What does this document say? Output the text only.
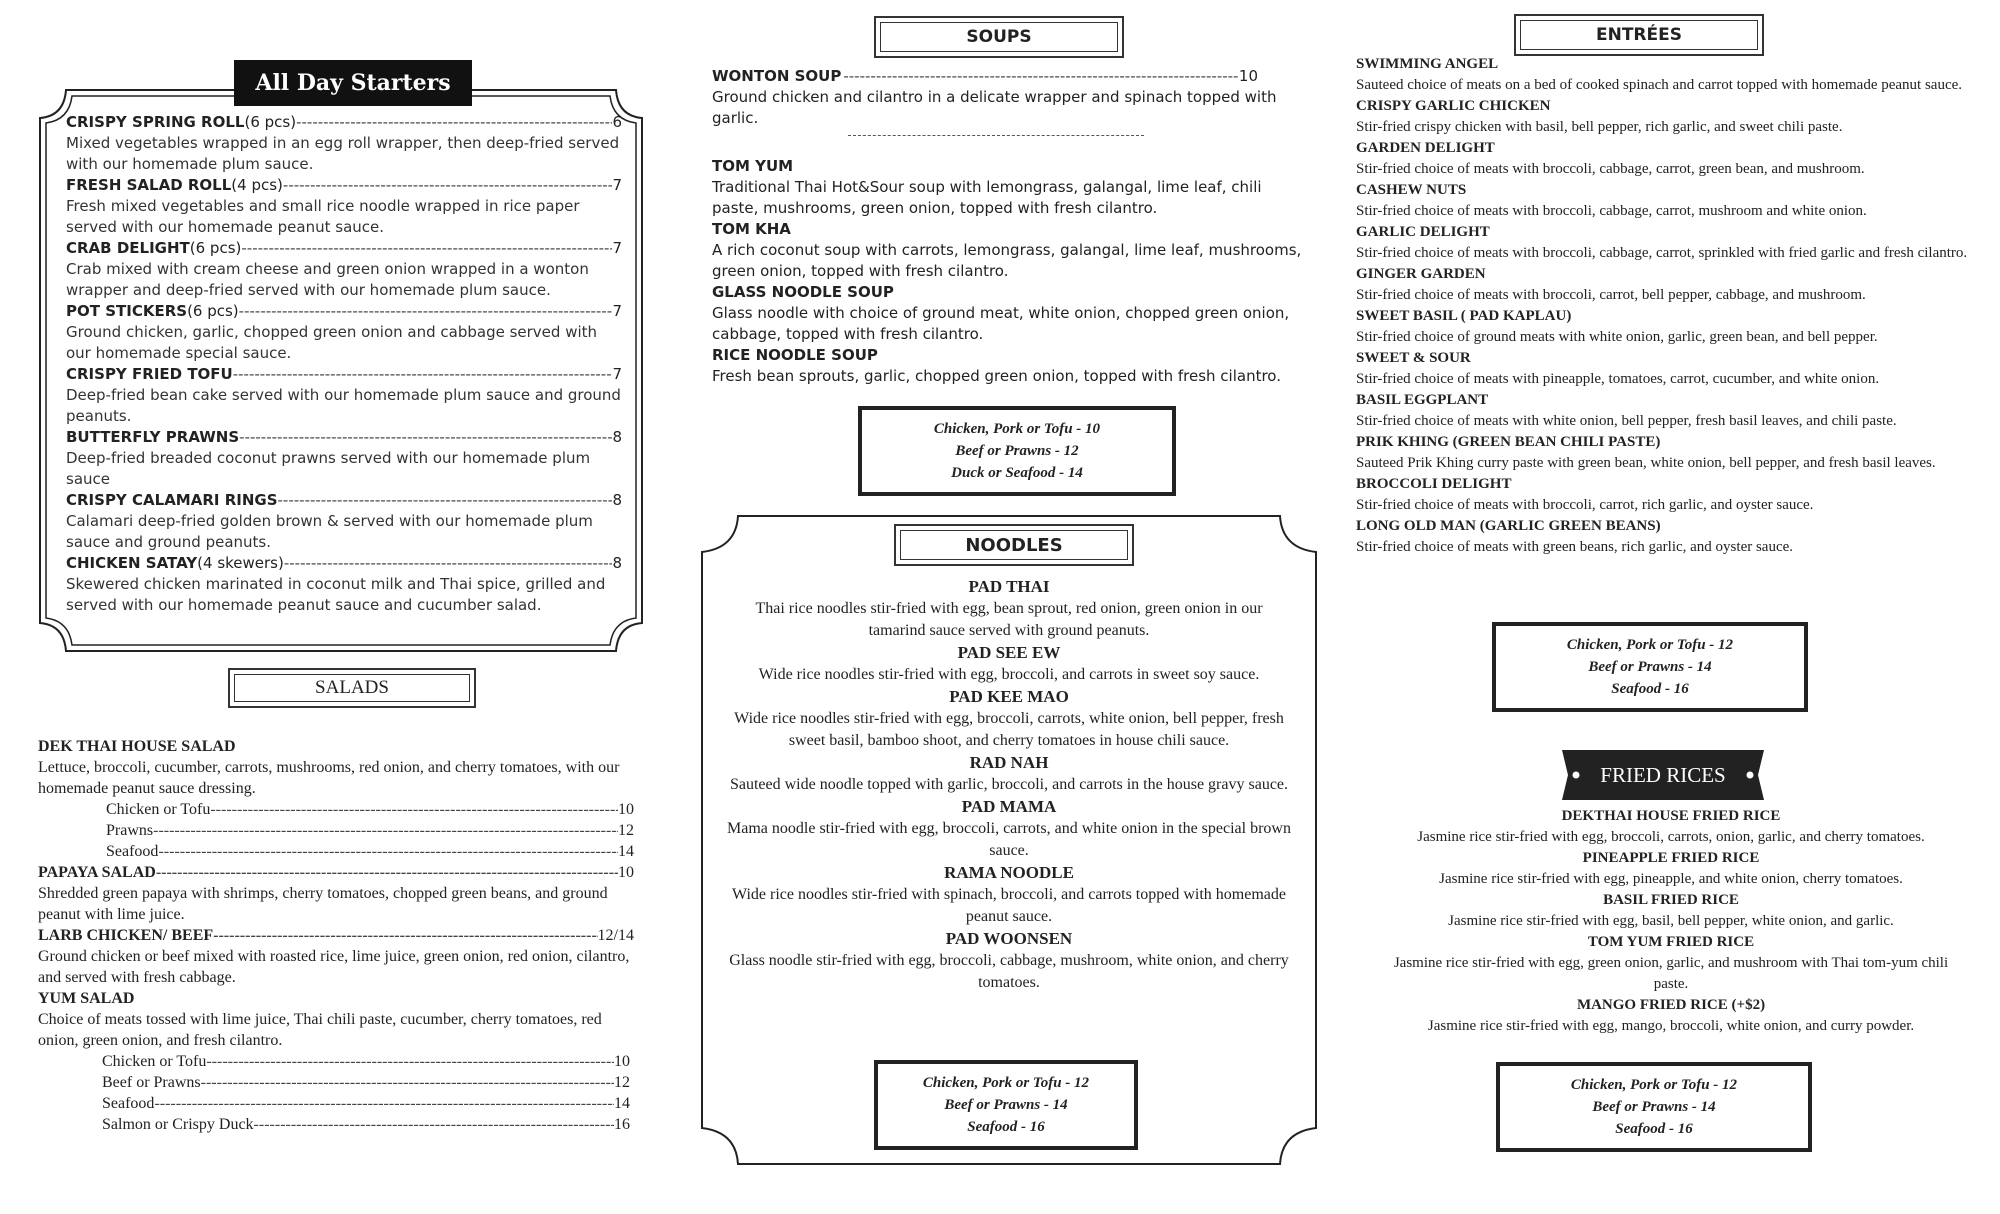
All Day Starters
CRISPY SPRING ROLL (6 pcs) -----	6
Mixed vegetables wrapped in an egg roll wrapper, then deep-fried served with our homemade plum sauce.
FRESH SALAD ROLL (4 pcs) -----	7
Fresh mixed vegetables and small rice noodle wrapped in rice paper served with our homemade peanut sauce.
CRAB DELIGHT (6 pcs) -----	7
Crab mixed with cream cheese and green onion wrapped in a wonton wrapper and deep-fried served with our homemade plum sauce.
POT STICKERS (6 pcs) -----	7
Ground chicken, garlic, chopped green onion and cabbage served with our homemade special sauce.
CRISPY FRIED TOFU -----	7
Deep-fried bean cake served with our homemade plum sauce and ground peanuts.
BUTTERFLY PRAWNS -----	8
Deep-fried breaded coconut prawns served with our homemade plum sauce
CRISPY CALAMARI RINGS -----	8
Calamari deep-fried golden brown & served with our homemade plum sauce and ground peanuts.
CHICKEN SATAY (4 skewers) -----	8
Skewered chicken marinated in coconut milk and Thai spice, grilled and served with our homemade peanut sauce and cucumber salad.
SALADS
DEK THAI HOUSE SALAD
Lettuce, broccoli, cucumber, carrots, mushrooms, red onion, and cherry tomatoes, with our homemade peanut sauce dressing.
Chicken or Tofu -----	10
Prawns -----	12
Seafood -----	14
PAPAYA SALAD -----	10
Shredded green papaya with shrimps, cherry tomatoes, chopped green beans, and ground peanut with lime juice.
LARB CHICKEN/ BEEF -----	12/14
Ground chicken or beef mixed with roasted rice, lime juice, green onion, red onion, cilantro, and served with fresh cabbage.
YUM SALAD
Choice of meats tossed with lime juice, Thai chili paste, cucumber, cherry tomatoes, red onion, green onion, and fresh cilantro.
Chicken or Tofu -----	10
Beef or Prawns -----	12
Seafood -----	14
Salmon or Crispy Duck -----	16
SOUPS
WONTON SOUP -----	10
Ground chicken and cilantro in a delicate wrapper and spinach topped with garlic.
TOM YUM
Traditional Thai Hot&Sour soup with lemongrass, galangal, lime leaf, chili paste, mushrooms, green onion, topped with fresh cilantro.
TOM KHA
A rich coconut soup with carrots, lemongrass, galangal, lime leaf, mushrooms, green onion, topped with fresh cilantro.
GLASS NOODLE SOUP
Glass noodle with choice of ground meat, white onion, chopped green onion, cabbage, topped with fresh cilantro.
RICE NOODLE SOUP
Fresh bean sprouts, garlic, chopped green onion, topped with fresh cilantro.
Chicken, Pork or Tofu - 10
Beef or Prawns - 12
Duck or Seafood - 14
NOODLES
PAD THAI
Thai rice noodles stir-fried with egg, bean sprout, red onion, green onion in our tamarind sauce served with ground peanuts.
PAD SEE EW
Wide rice noodles stir-fried with egg, broccoli, and carrots in sweet soy sauce.
PAD KEE MAO
Wide rice noodles stir-fried with egg, broccoli, carrots, white onion, bell pepper, fresh sweet basil, bamboo shoot, and cherry tomatoes in house chili sauce.
RAD NAH
Sauteed wide noodle topped with garlic, broccoli, and carrots in the house gravy sauce.
PAD MAMA
Mama noodle stir-fried with egg, broccoli, carrots, and white onion in the special brown sauce.
RAMA NOODLE
Wide rice noodles stir-fried with spinach, broccoli, and carrots topped with homemade peanut sauce.
PAD WOONSEN
Glass noodle stir-fried with egg, broccoli, cabbage, mushroom, white onion, and cherry tomatoes.
Chicken, Pork or Tofu - 12
Beef or Prawns - 14
Seafood - 16
ENTRÉES
SWIMMING ANGEL
Sauteed choice of meats on a bed of cooked spinach and carrot topped with homemade peanut sauce.
CRISPY GARLIC CHICKEN
Stir-fried crispy chicken with basil, bell pepper, rich garlic, and sweet chili paste.
GARDEN DELIGHT
Stir-fried choice of meats with broccoli, cabbage, carrot, green bean, and mushroom.
CASHEW NUTS
Stir-fried choice of meats with broccoli, cabbage, carrot, mushroom and white onion.
GARLIC DELIGHT
Stir-fried choice of meats with broccoli, cabbage, carrot, sprinkled with fried garlic and fresh cilantro.
GINGER GARDEN
Stir-fried choice of meats with broccoli, carrot, bell pepper, cabbage, and mushroom.
SWEET BASIL ( PAD KAPLAU)
Stir-fried choice of ground meats with white onion, garlic, green bean, and bell pepper.
SWEET & SOUR
Stir-fried choice of meats with pineapple, tomatoes, carrot, cucumber, and white onion.
BASIL EGGPLANT
Stir-fried choice of meats with white onion, bell pepper, fresh basil leaves, and chili paste.
PRIK KHING (GREEN BEAN CHILI PASTE)
Sauteed Prik Khing curry paste with green bean, white onion, bell pepper, and fresh basil leaves.
BROCCOLI DELIGHT
Stir-fried choice of meats with broccoli, carrot, rich garlic, and oyster sauce.
LONG OLD MAN (GARLIC GREEN BEANS)
Stir-fried choice of meats with green beans, rich garlic, and oyster sauce.
Chicken, Pork or Tofu - 12
Beef or Prawns - 14
Seafood - 16
FRIED RICES
DEKTHAI HOUSE FRIED RICE
Jasmine rice stir-fried with egg, broccoli, carrots, onion, garlic, and cherry tomatoes.
PINEAPPLE FRIED RICE
Jasmine rice stir-fried with egg, pineapple, and white onion, cherry tomatoes.
BASIL FRIED RICE
Jasmine rice stir-fried with egg, basil, bell pepper, white onion, and garlic.
TOM YUM FRIED RICE
Jasmine rice stir-fried with egg, green onion, garlic, and mushroom with Thai tom-yum chili paste.
MANGO FRIED RICE (+$2)
Jasmine rice stir-fried with egg, mango, broccoli, white onion, and curry powder.
Chicken, Pork or Tofu - 12
Beef or Prawns - 14
Seafood - 16
